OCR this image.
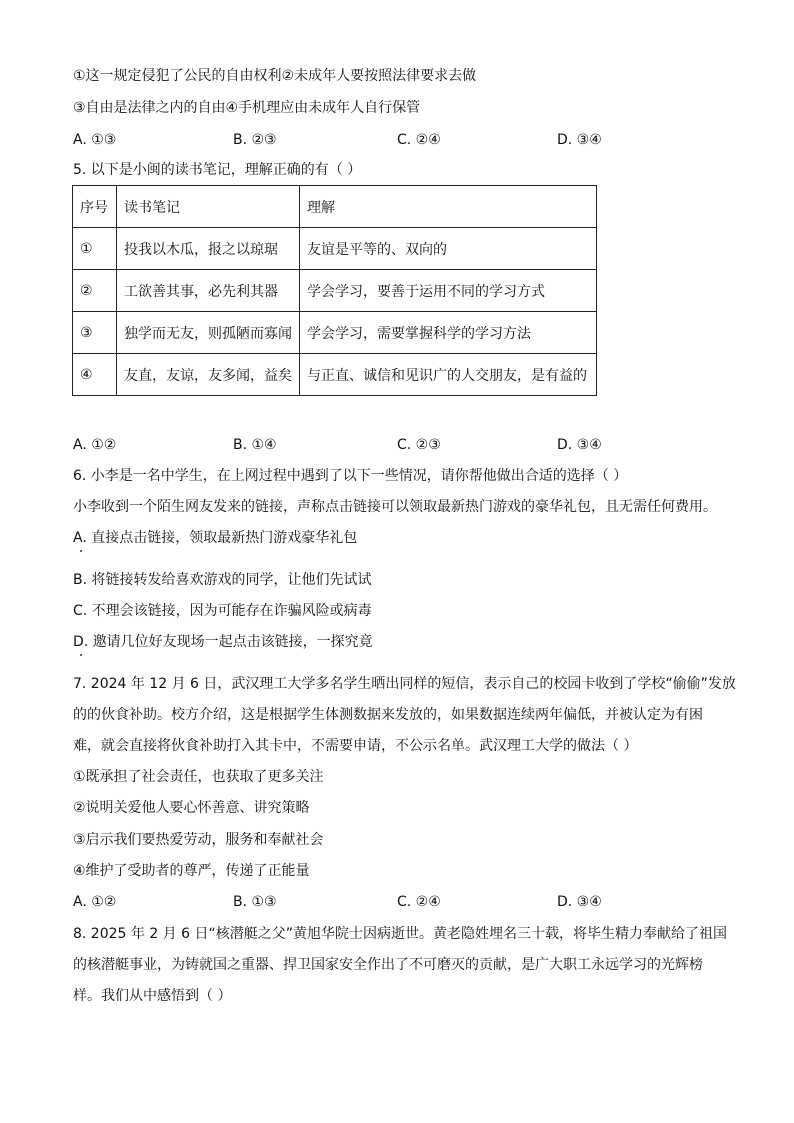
①这一规定侵犯了公民的自由权利②未成年人要按照法律要求去做
③自由是法律之内的自由④手机理应由未成年人自行保管
A. ①③	B. ②③	C. ②④	D. ③④
5. 以下是小闽的读书笔记，理解正确的有（ ）
序号	读书笔记	理解
①	投我以木瓜，报之以琼琚	友谊是平等的、双向的
②	工欲善其事，必先利其器	学会学习，要善于运用不同的学习方式
③	独学而无友，则孤陋而寡闻	学会学习，需要掌握科学的学习方法
④	友直，友谅，友多闻，益矣	与正直、诚信和见识广的人交朋友，是有益的
A. ①②	B. ①④	C. ②③	D. ③④
6. 小李是一名中学生，在上网过程中遇到了以下一些情况，请你帮他做出合适的选择（ ）
小李收到一个陌生网友发来的链接，声称点击链接可以领取最新热门游戏的豪华礼包，且无需任何费用。
A. 直接点击链接，领取最新热门游戏豪华礼包
B. 将链接转发给喜欢游戏的同学，让他们先试试
C. 不理会该链接，因为可能存在诈骗风险或病毒
D. 邀请几位好友现场一起点击该链接，一探究竟
7. 2024 年 12 月 6 日，武汉理工大学多名学生晒出同样的短信，表示自己的校园卡收到了学校“偷偷”发放
的的伙食补助。校方介绍，这是根据学生体测数据来发放的，如果数据连续两年偏低，并被认定为有困
难，就会直接将伙食补助打入其卡中，不需要申请，不公示名单。武汉理工大学的做法（ ）
①既承担了社会责任，也获取了更多关注
②说明关爱他人要心怀善意、讲究策略
③启示我们要热爱劳动，服务和奉献社会
④维护了受助者的尊严，传递了正能量
A. ①②	B. ①③	C. ②④	D. ③④
8. 2025 年 2 月 6 日“核潜艇之父”黄旭华院士因病逝世。黄老隐姓埋名三十载，将毕生精力奉献给了祖国
的核潜艇事业，为铸就国之重器、捍卫国家安全作出了不可磨灭的贡献，是广大职工永远学习的光辉榜
样。我们从中感悟到（ ）
